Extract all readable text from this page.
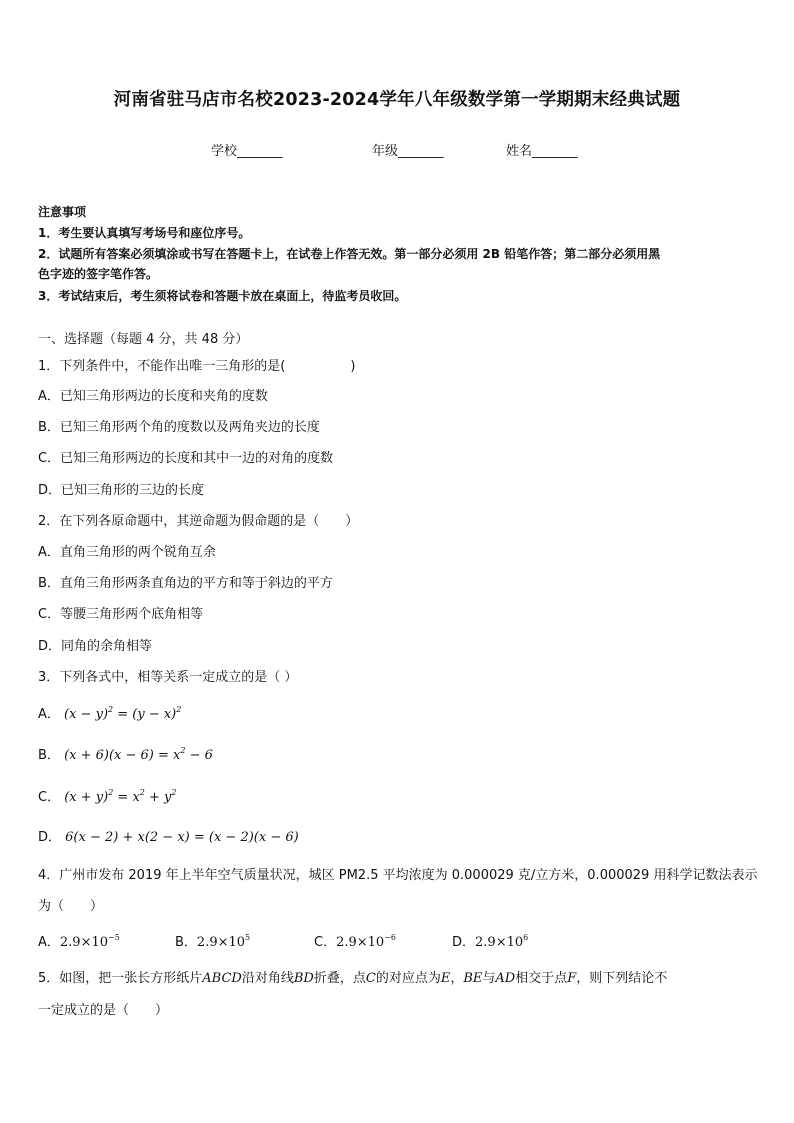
河南省驻马店市名校2023-2024学年八年级数学第一学期期末经典试题
学校_______	年级_______	姓名_______
注意事项
1．考生要认真填写考场号和座位序号。
2．试题所有答案必须填涂或书写在答题卡上，在试卷上作答无效。第一部分必须用 2B 铅笔作答；第二部分必须用黑
色字迹的签字笔作答。
3．考试结束后，考生须将试卷和答题卡放在桌面上，待监考员收回。
一、选择题（每题 4 分，共 48 分）
1．下列条件中，不能作出唯一三角形的是(　　　　　)
A．已知三角形两边的长度和夹角的度数
B．已知三角形两个角的度数以及两角夹边的长度
C．已知三角形两边的长度和其中一边的对角的度数
D．已知三角形的三边的长度
2．在下列各原命题中，其逆命题为假命题的是（　　）
A．直角三角形的两个锐角互余
B．直角三角形两条直角边的平方和等于斜边的平方
C．等腰三角形两个底角相等
D．同角的余角相等
3．下列各式中，相等关系一定成立的是（ ）
A． $(x - y)^2 = (y - x)^2$
B． $(x + 6)(x - 6) = x^2 - 6$
C． $(x + y)^2 = x^2 + y^2$
D． 6(x − 2) + x(2 − x) = (x − 2)(x − 6)
4．广州市发布 2019 年上半年空气质量状况，城区 PM2.5 平均浓度为 0.000029 克/立方米，0.000029 用科学记数法表示
为（　　）
A．$2.9\times 10^{-5}$	B．$2.9\times 10^5$	C．$2.9\times 10^{-6}$	D．$2.9\times 10^6$
5．如图，把一张长方形纸片ABCD沿对角线BD折叠，点C的对应点为E，BE与AD相交于点F，则下列结论不
一定成立的是（　　）
